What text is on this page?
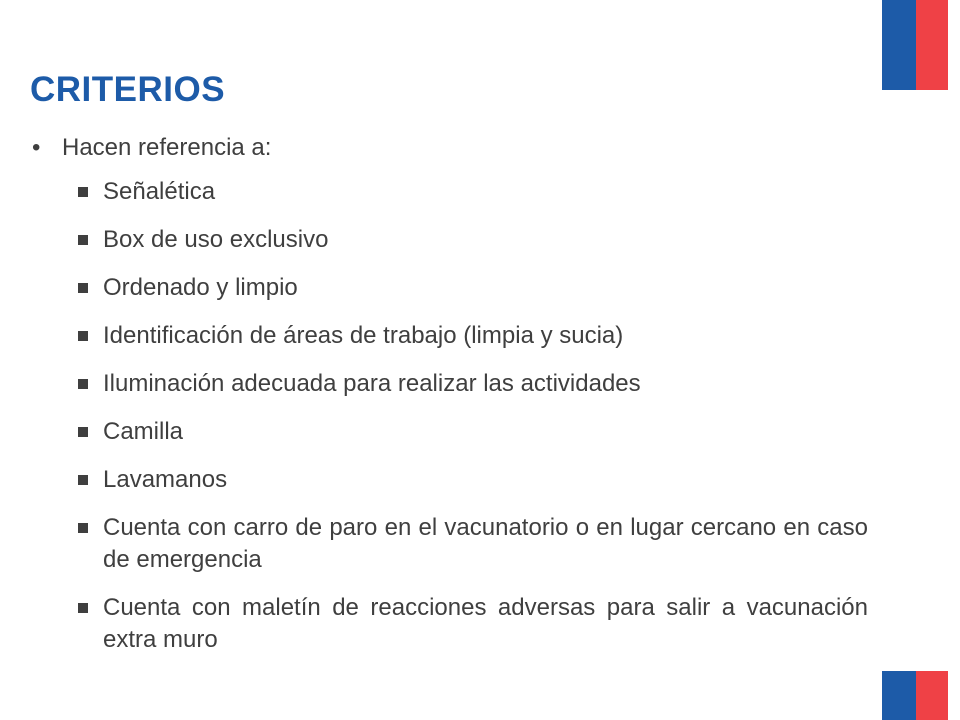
CRITERIOS
• Hacen referencia a:
Señalética
Box de uso exclusivo
Ordenado y limpio
Identificación de áreas de trabajo (limpia y sucia)
Iluminación adecuada para realizar las actividades
Camilla
Lavamanos
Cuenta con carro de paro en el vacunatorio o en lugar cercano en caso de emergencia
Cuenta con maletín de reacciones adversas para salir a vacunación extra muro
